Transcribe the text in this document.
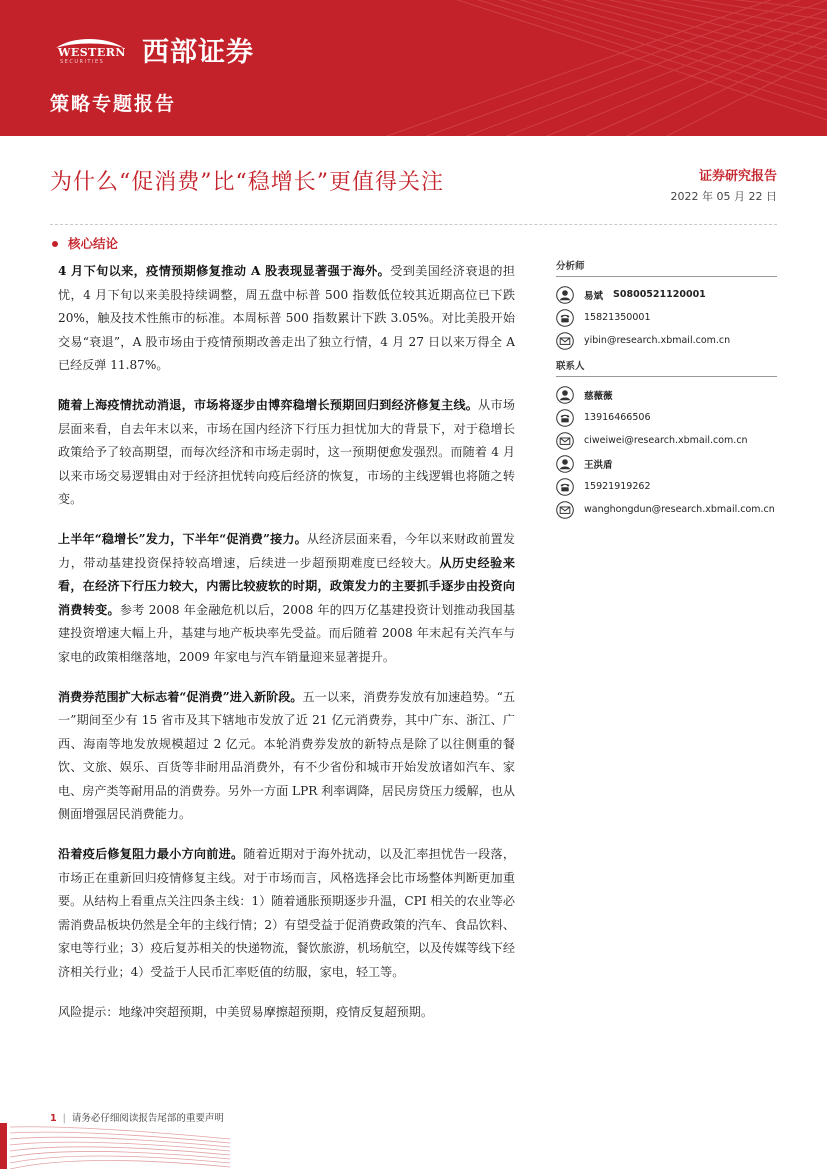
WESTERN
SECURITIES 西部证券
策略专题报告
为什么“促消费”比“稳增长”更值得关注	证券研究报告
2022 年 05 月 22 日
核心结论

4 月下旬以来，疫情预期修复推动 A 股表现显著强于海外。受到美国经济衰退的担忧，4 月下旬以来美股持续调整，周五盘中标普 500 指数低位较其近期高位已下跌 20%，触及技术性熊市的标准。本周标普 500 指数累计下跌 3.05%。对比美股开始交易“衰退”，A 股市场由于疫情预期改善走出了独立行情，4 月 27 日以来万得全 A 已经反弹 11.87%。

随着上海疫情扰动消退，市场将逐步由博弈稳增长预期回归到经济修复主线。从市场层面来看，自去年末以来，市场在国内经济下行压力担忧加大的背景下，对于稳增长政策给予了较高期望，而每次经济和市场走弱时，这一预期便愈发强烈。而随着 4 月以来市场交易逻辑由对于经济担忧转向疫后经济的恢复，市场的主线逻辑也将随之转变。

上半年“稳增长”发力，下半年“促消费”接力。从经济层面来看，今年以来财政前置发力，带动基建投资保持较高增速，后续进一步超预期难度已经较大。从历史经验来看，在经济下行压力较大，内需比较疲软的时期，政策发力的主要抓手逐步由投资向消费转变。参考 2008 年金融危机以后，2008 年的四万亿基建投资计划推动我国基建投资增速大幅上升，基建与地产板块率先受益。而后随着 2008 年末起有关汽车与家电的政策相继落地，2009 年家电与汽车销量迎来显著提升。

消费券范围扩大标志着“促消费”进入新阶段。五一以来，消费券发放有加速趋势。“五一”期间至少有 15 省市及其下辖地市发放了近 21 亿元消费券，其中广东、浙江、广西、海南等地发放规模超过 2 亿元。本轮消费券发放的新特点是除了以往侧重的餐饮、文旅、娱乐、百货等非耐用品消费外，有不少省份和城市开始发放诸如汽车、家电、房产类等耐用品的消费券。另外一方面 LPR 利率调降，居民房贷压力缓解，也从侧面增强居民消费能力。

沿着疫后修复阻力最小方向前进。随着近期对于海外扰动，以及汇率担忧告一段落，市场正在重新回归疫情修复主线。对于市场而言，风格选择会比市场整体判断更加重要。从结构上看重点关注四条主线：1）随着通胀预期逐步升温，CPI 相关的农业等必需消费品板块仍然是全年的主线行情；2）有望受益于促消费政策的汽车、食品饮料、家电等行业；3）疫后复苏相关的快递物流，餐饮旅游，机场航空，以及传媒等线下经济相关行业；4）受益于人民币汇率贬值的纺服，家电，轻工等。

风险提示：地缘冲突超预期，中美贸易摩擦超预期，疫情反复超预期。

分析师
易斌 S0800521120001
15821350001
yibin@research.xbmail.com.cn
联系人
慈薇薇
13916466506
ciweiwei@research.xbmail.com.cn
王洪盾
15921919262
wanghongdun@research.xbmail.com.cn
1 | 请务必仔细阅读报告尾部的重要声明
